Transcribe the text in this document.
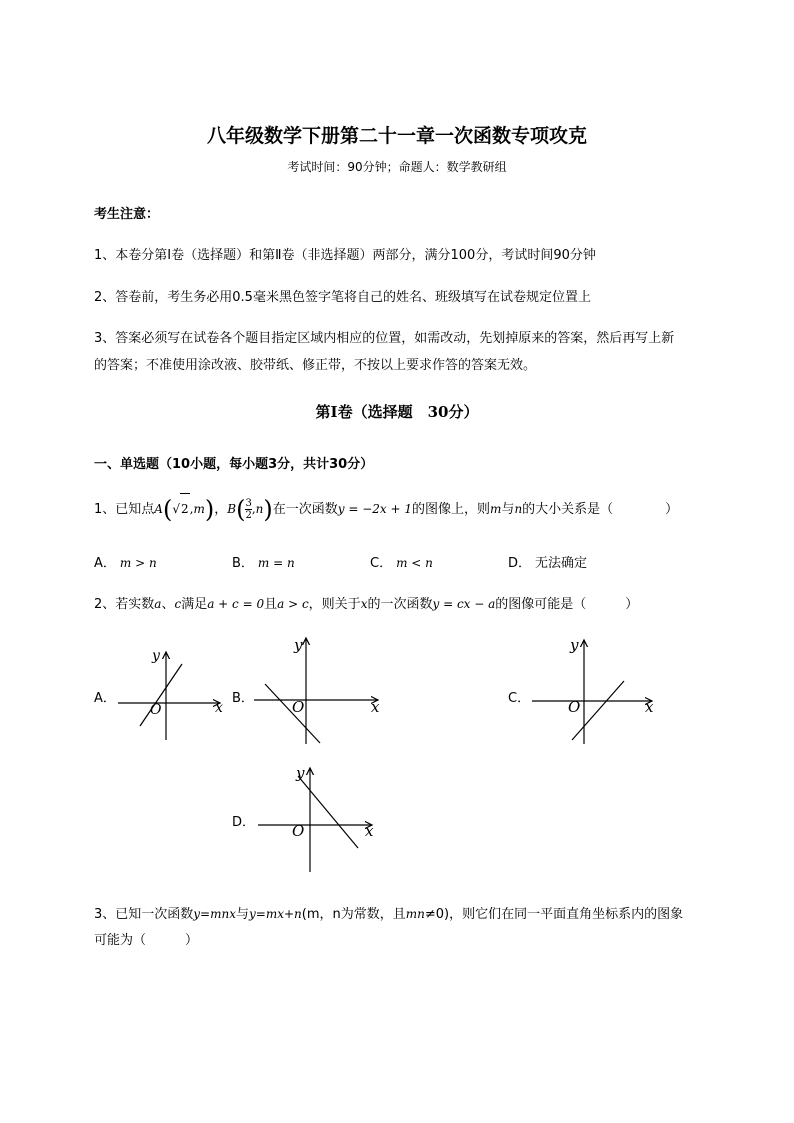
八年级数学下册第二十一章一次函数专项攻克
考试时间：90分钟；命题人：数学教研组
考生注意：
1、本卷分第I卷（选择题）和第Ⅱ卷（非选择题）两部分，满分100分，考试时间90分钟
2、答卷前，考生务必用0.5毫米黑色签字笔将自己的姓名、班级填写在试卷规定位置上
3、答案必须写在试卷各个题目指定区域内相应的位置，如需改动，先划掉原来的答案，然后再写上新
的答案；不准使用涂改液、胶带纸、修正带，不按以上要求作答的答案无效。
第I卷（选择题　30分）
一、单选题（10小题，每小题3分，共计30分）
1、已知点A(√2,m)，$B( \frac{3}{2} ,n)$在一次函数y = −2x + 1的图像上，则m与n的大小关系是（　　　　）
A． m > n	B． m = n	C． m < n	D． 无法确定
2、若实数a、c满足a + c = 0且a > c，则关于x的一次函数y = cx − a的图像可能是（　　　）
A．	B．	C．
D．
x
y
O	x
y
O	x
y
O
x
y
O
3、已知一次函数y=mnx与y=mx+n(m，n为常数，且mn≠0)，则它们在同一平面直角坐标系内的图象
可能为（　　　）
